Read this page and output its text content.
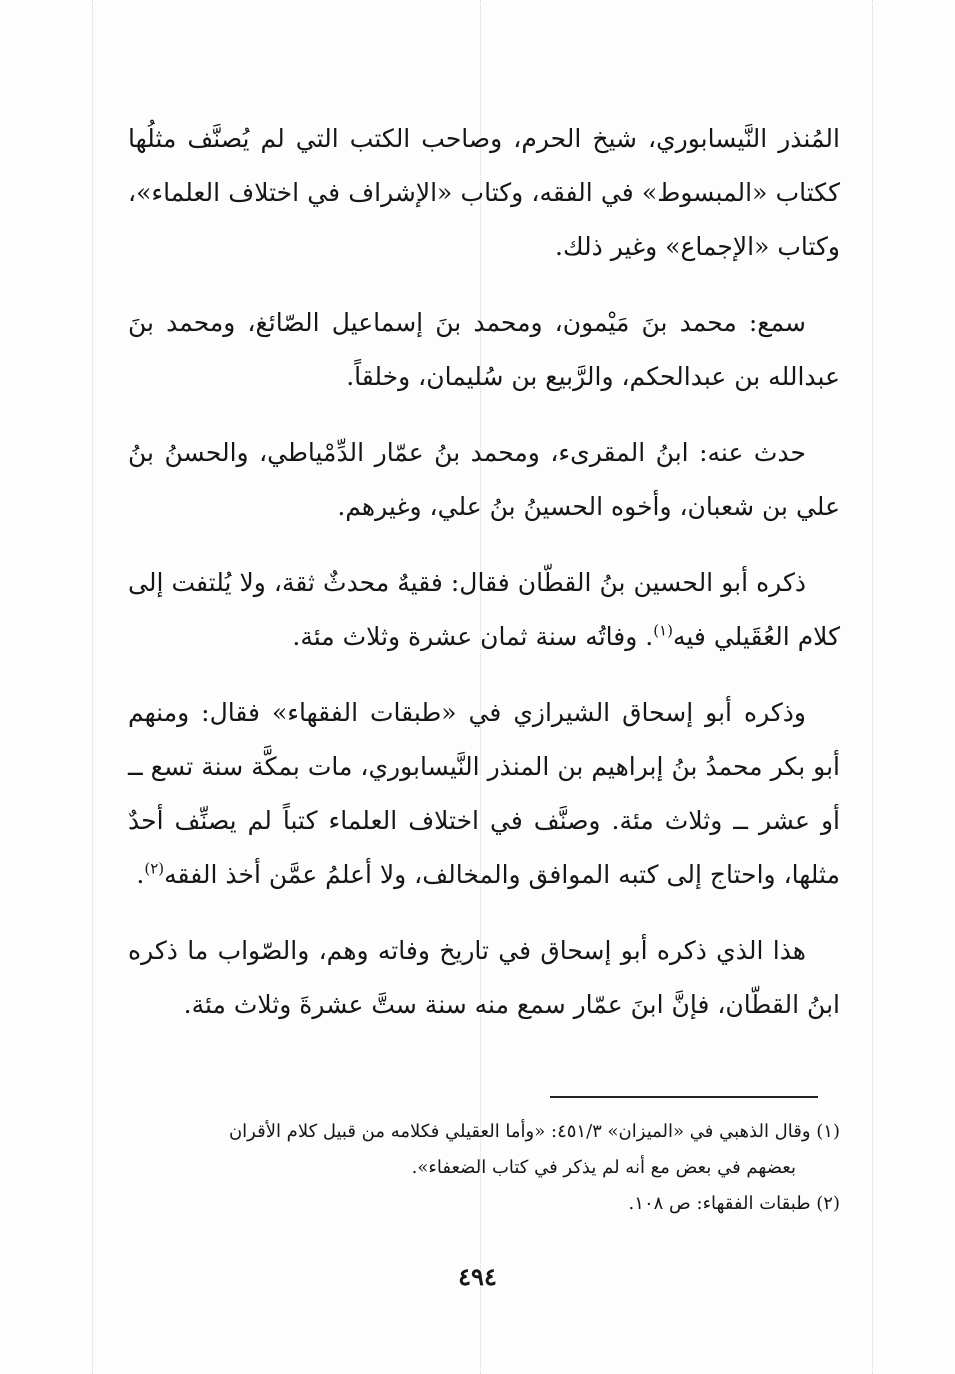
المُنذر النَّيسابوري، شيخ الحرم، وصاحب الكتب التي لم يُصنَّف مثلُها ككتاب «المبسوط» في الفقه، وكتاب «الإشراف في اختلاف العلماء»، وكتاب «الإجماع» وغير ذلك.

سمع: محمد بنَ مَيْمون، ومحمد بنَ إسماعيل الصّائغ، ومحمد بنَ عبدالله بن عبدالحكم، والرَّبيع بن سُليمان، وخلقاً.

حدث عنه: ابنُ المقرىء، ومحمد بنُ عمّار الدِّمْياطي، والحسنُ بنُ علي بن شعبان، وأخوه الحسينُ بنُ علي، وغيرهم.

ذكره أبو الحسين بنُ القطّان فقال: فقيهٌ محدثٌ ثقة، ولا يُلتفت إلى كلام العُقَيلي فيه$^{(١)}$. وفاتُه سنة ثمان عشرة وثلاث مئة.

وذكره أبو إسحاق الشيرازي في «طبقات الفقهاء» فقال: ومنهم أبو بكر محمدُ بنُ إبراهيم بن المنذر النَّيسابوري، مات بمكَّة سنة تسع ــ أو عشر ــ وثلاث مئة. وصنَّف في اختلاف العلماء كتباً لم يصنِّف أحدٌ مثلها، واحتاج إلى كتبه الموافق والمخالف، ولا أعلمُ عمَّن أخذ الفقه$^{(٢)}$.

هذا الذي ذكره أبو إسحاق في تاريخ وفاته وهم، والصّواب ما ذكره ابنُ القطّان، فإنَّ ابنَ عمّار سمع منه سنة ستَّ عشرةَ وثلاث مئة.

(١) وقال الذهبي في «الميزان» ٤٥١/٣: «وأما العقيلي فكلامه من قبيل كلام الأقران

بعضهم في بعض مع أنه لم يذكر في كتاب الضعفاء».

(٢) طبقات الفقهاء: ص ١٠٨.

٤٩٤
